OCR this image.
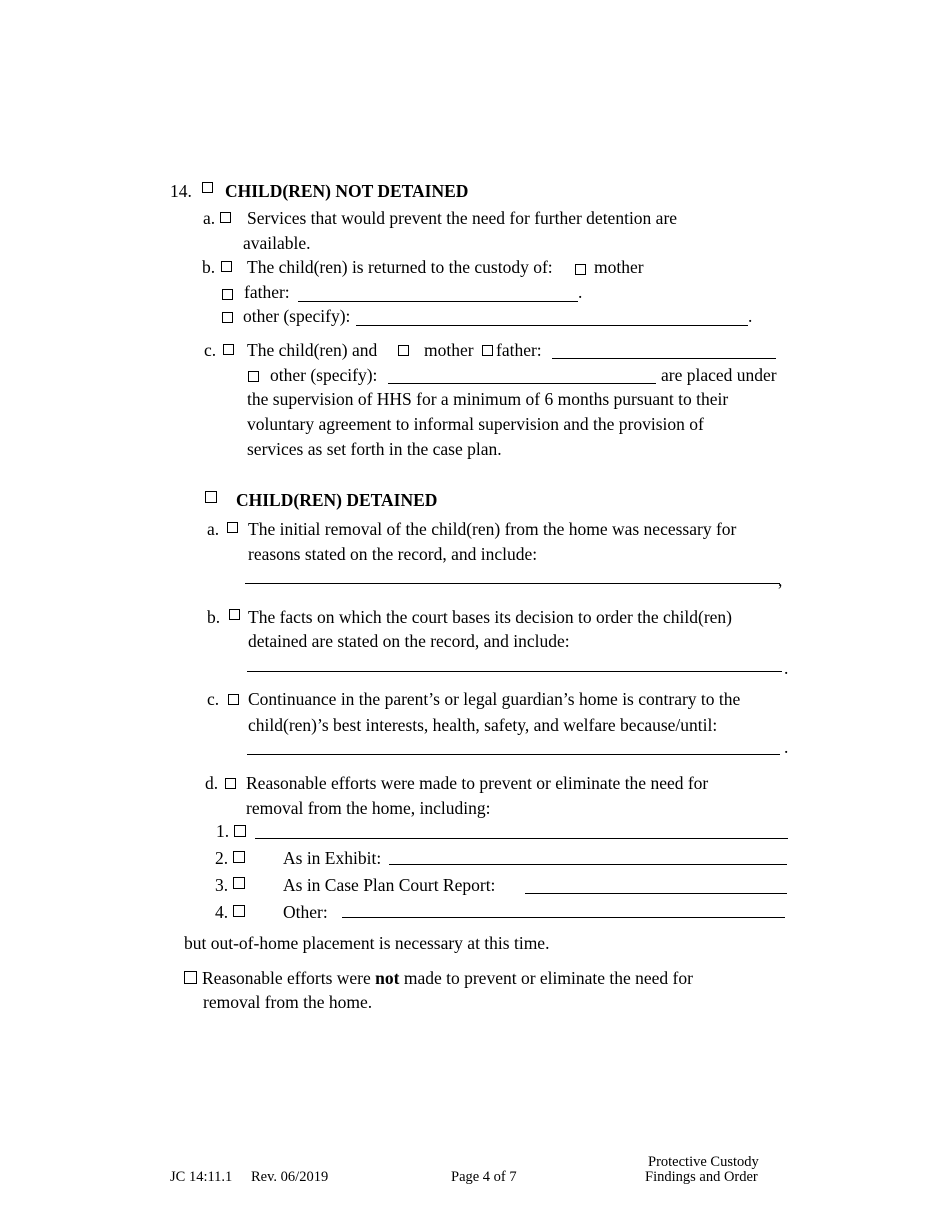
14. CHILD(REN) NOT DETAINED
a. Services that would prevent the need for further detention are
available.
b. The child(ren) is returned to the custody of: mother
father:	.
other (specify):	.
c. The child(ren) and	mother father:
other (specify):	are placed under
the supervision of HHS for a minimum of 6 months pursuant to their
voluntary agreement to informal supervision and the provision of
services as set forth in the case plan.
CHILD(REN) DETAINED
a. The initial removal of the child(ren) from the home was necessary for
reasons stated on the record, and include:
,
b. The facts on which the court bases its decision to order the child(ren)
detained are stated on the record, and include:
.
c. Continuance in the parent’s or legal guardian’s home is contrary to the
child(ren)’s best interests, health, safety, and welfare because/until:
.
d. Reasonable efforts were made to prevent or eliminate the need for
removal from the home, including:
1.
2.	As in Exhibit:
3.	As in Case Plan Court Report:
4.	Other:
but out-of-home placement is necessary at this time.
Reasonable efforts were not made to prevent or eliminate the need for
removal from the home.
JC 14:11.1 Rev. 06/2019	Page 4 of 7
Protective Custody
Findings and Order
